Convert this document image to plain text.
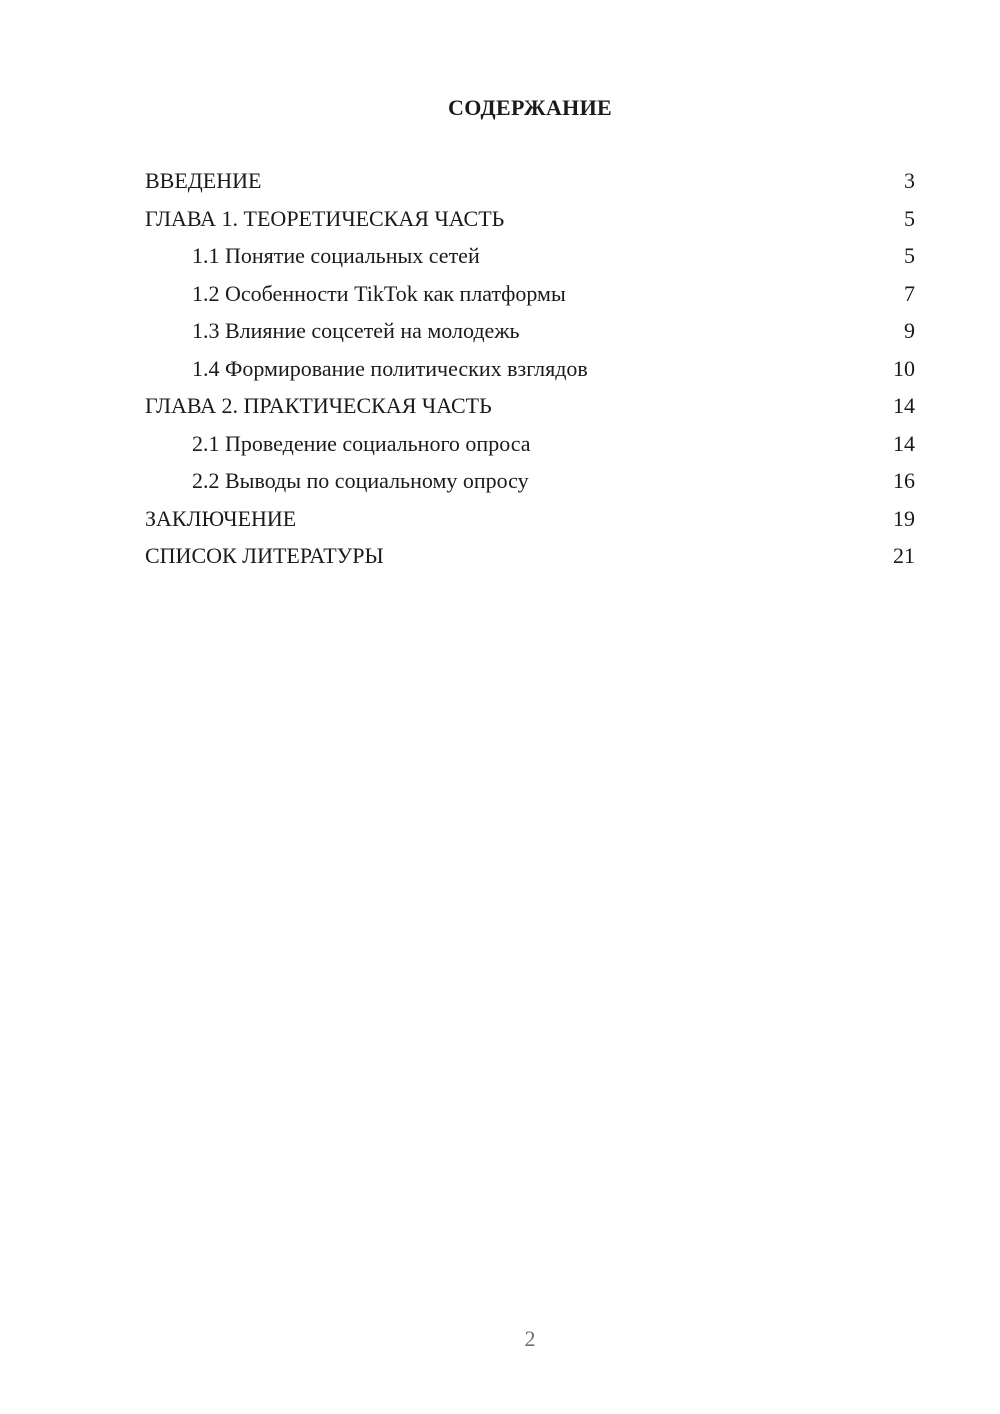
СОДЕРЖАНИЕ
ВВЕДЕНИЕ	3
ГЛАВА 1. ТЕОРЕТИЧЕСКАЯ ЧАСТЬ	5
1.1 Понятие социальных сетей	5
1.2 Особенности TikTok как платформы	7
1.3 Влияние соцсетей на молодежь	9
1.4 Формирование политических взглядов	10
ГЛАВА 2. ПРАКТИЧЕСКАЯ ЧАСТЬ	14
2.1 Проведение социального опроса	14
2.2 Выводы по социальному опросу	16
ЗАКЛЮЧЕНИЕ	19
СПИСОК ЛИТЕРАТУРЫ	21
2
